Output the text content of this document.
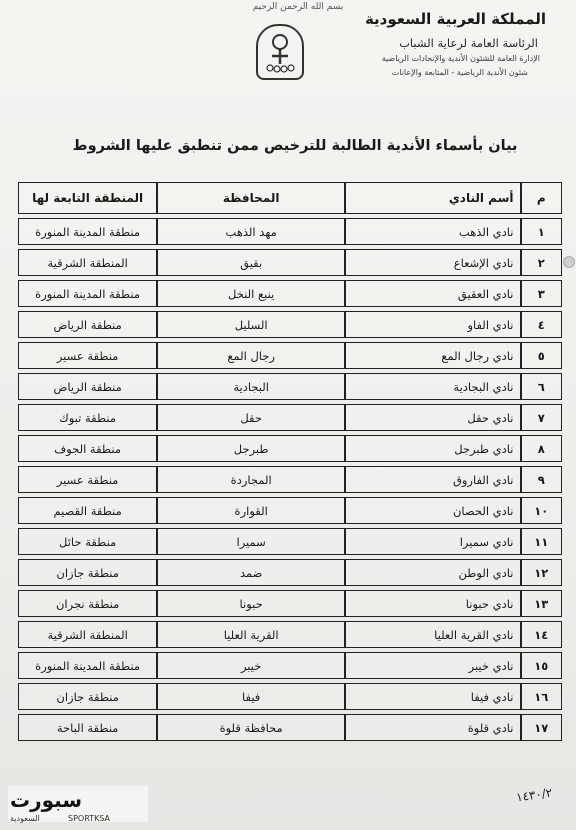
بسم الله الرحمن الرحيم
المملكة العربية السعودية
الرئاسة العامة لرعاية الشباب
الإدارة العامة للشئون الأندية والإتحادات الرياضية
شئون الأندية الرياضية - المتابعة والإعانات
بيان بأسماء الأندية الطالبة للترخيص ممن تنطبق عليها الشروط
م	أسم النادي	المحافظة	المنطقة التابعة لها
١	نادي الذهب	مهد الذهب	منطقة المدينة المنورة
٢	نادي الإشعاع	بقيق	المنطقة الشرقية
٣	نادي العقيق	ينبع النخل	منطقة المدينة المنورة
٤	نادي الفاو	السليل	منطقة الرياض
٥	نادي رجال المع	رجال المع	منطقة عسير
٦	نادي البجادية	البجادية	منطقة الرياض
٧	نادي حقل	حقل	منطقة تبوك
٨	نادي طبرجل	طبرجل	منطقة الجوف
٩	نادي الفاروق	المجاردة	منطقة عسير
١٠	نادي الحصان	القوارة	منطقة القصيم
١١	نادي سميرا	سميرا	منطقة حائل
١٢	نادي الوطن	ضمد	منطقة جازان
١٣	نادي حبونا	حبونا	منطقة نجران
١٤	نادي القرية العليا	القرية العليا	المنطقة الشرقية
١٥	نادي خيبر	خيبر	منطقة المدينة المنورة
١٦	نادي فيفا	فيفا	منطقة جازان
١٧	نادي قلوة	محافظة قلوة	منطقة الباحة
١٤٣٠/٢
سبورت
السعودية	SPORTKSA
